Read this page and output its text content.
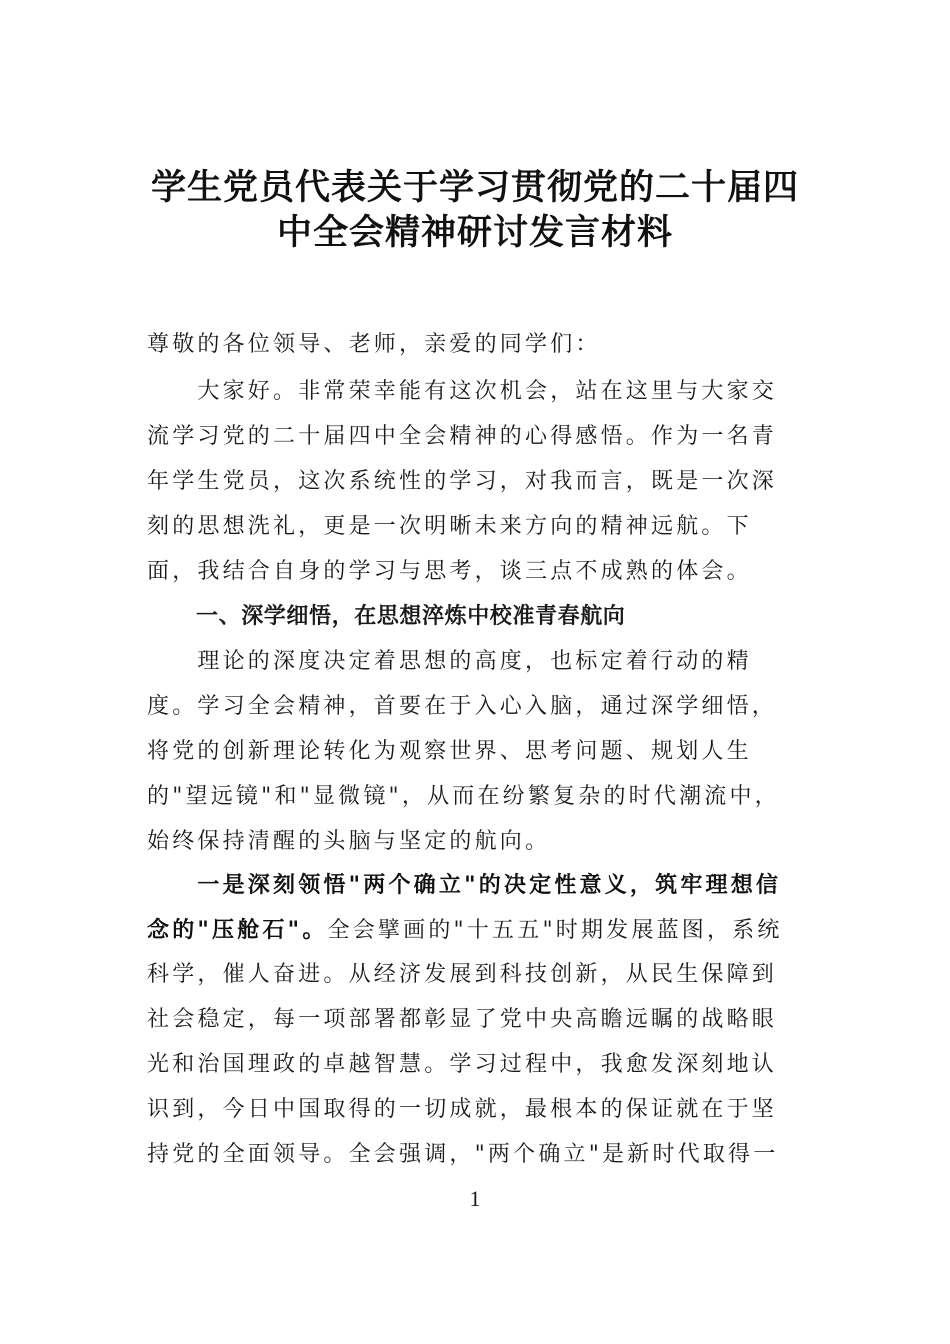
学生党员代表关于学习贯彻党的二十届四
中全会精神研讨发言材料
尊敬的各位领导、老师，亲爱的同学们：
　　大家好。非常荣幸能有这次机会，站在这里与大家交
流学习党的二十届四中全会精神的心得感悟。作为一名青
年学生党员，这次系统性的学习，对我而言，既是一次深
刻的思想洗礼，更是一次明晰未来方向的精神远航。下
面，我结合自身的学习与思考，谈三点不成熟的体会。
一、深学细悟，在思想淬炼中校准青春航向
　　理论的深度决定着思想的高度，也标定着行动的精
度。学习全会精神，首要在于入心入脑，通过深学细悟，
将党的创新理论转化为观察世界、思考问题、规划人生
的"望远镜"和"显微镜"，从而在纷繁复杂的时代潮流中，
始终保持清醒的头脑与坚定的航向。
　　一是深刻领悟"两个确立"的决定性意义，筑牢理想信
念的"压舱石"。全会擘画的"十五五"时期发展蓝图，系统
科学，催人奋进。从经济发展到科技创新，从民生保障到
社会稳定，每一项部署都彰显了党中央高瞻远瞩的战略眼
光和治国理政的卓越智慧。学习过程中，我愈发深刻地认
识到，今日中国取得的一切成就，最根本的保证就在于坚
持党的全面领导。全会强调，"两个确立"是新时代取得一
1
